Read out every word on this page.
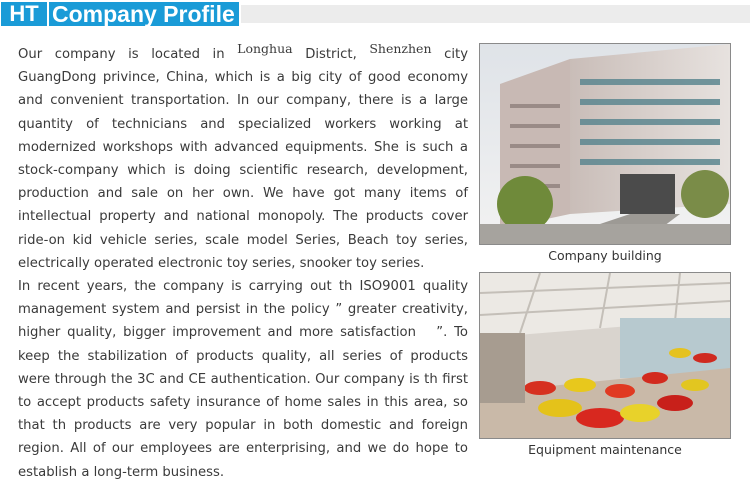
HT Company Profile

Our company is located in Longhua District, Shenzhen city GuangDong privince, China, which is a big city of good economy and convenient transportation. In our company, there is a large quantity of technicians and specialized workers working at modernized workshops with advanced equipments. She is such a stock-company which is doing scientific research, development, production and sale on her own. We have got many items of intellectual property and national monopoly. The products cover ride-on kid vehicle series, scale model Series, Beach toy series, electrically operated electronic toy series, snooker toy series.

In recent years, the company is carrying out th ISO9001 quality management system and persist in the policy ” greater creativity, higher quality, bigger improvement and more satisfaction   ”. To keep the stabilization of products quality, all series of products were through the 3C and CE authentication. Our company is th first to accept products safety insurance of home sales in this area, so that th products are very popular in both domestic and foreign region. All of our employees are enterprising, and we do hope to establish a long-term business.

Company building
Equipment maintenance
